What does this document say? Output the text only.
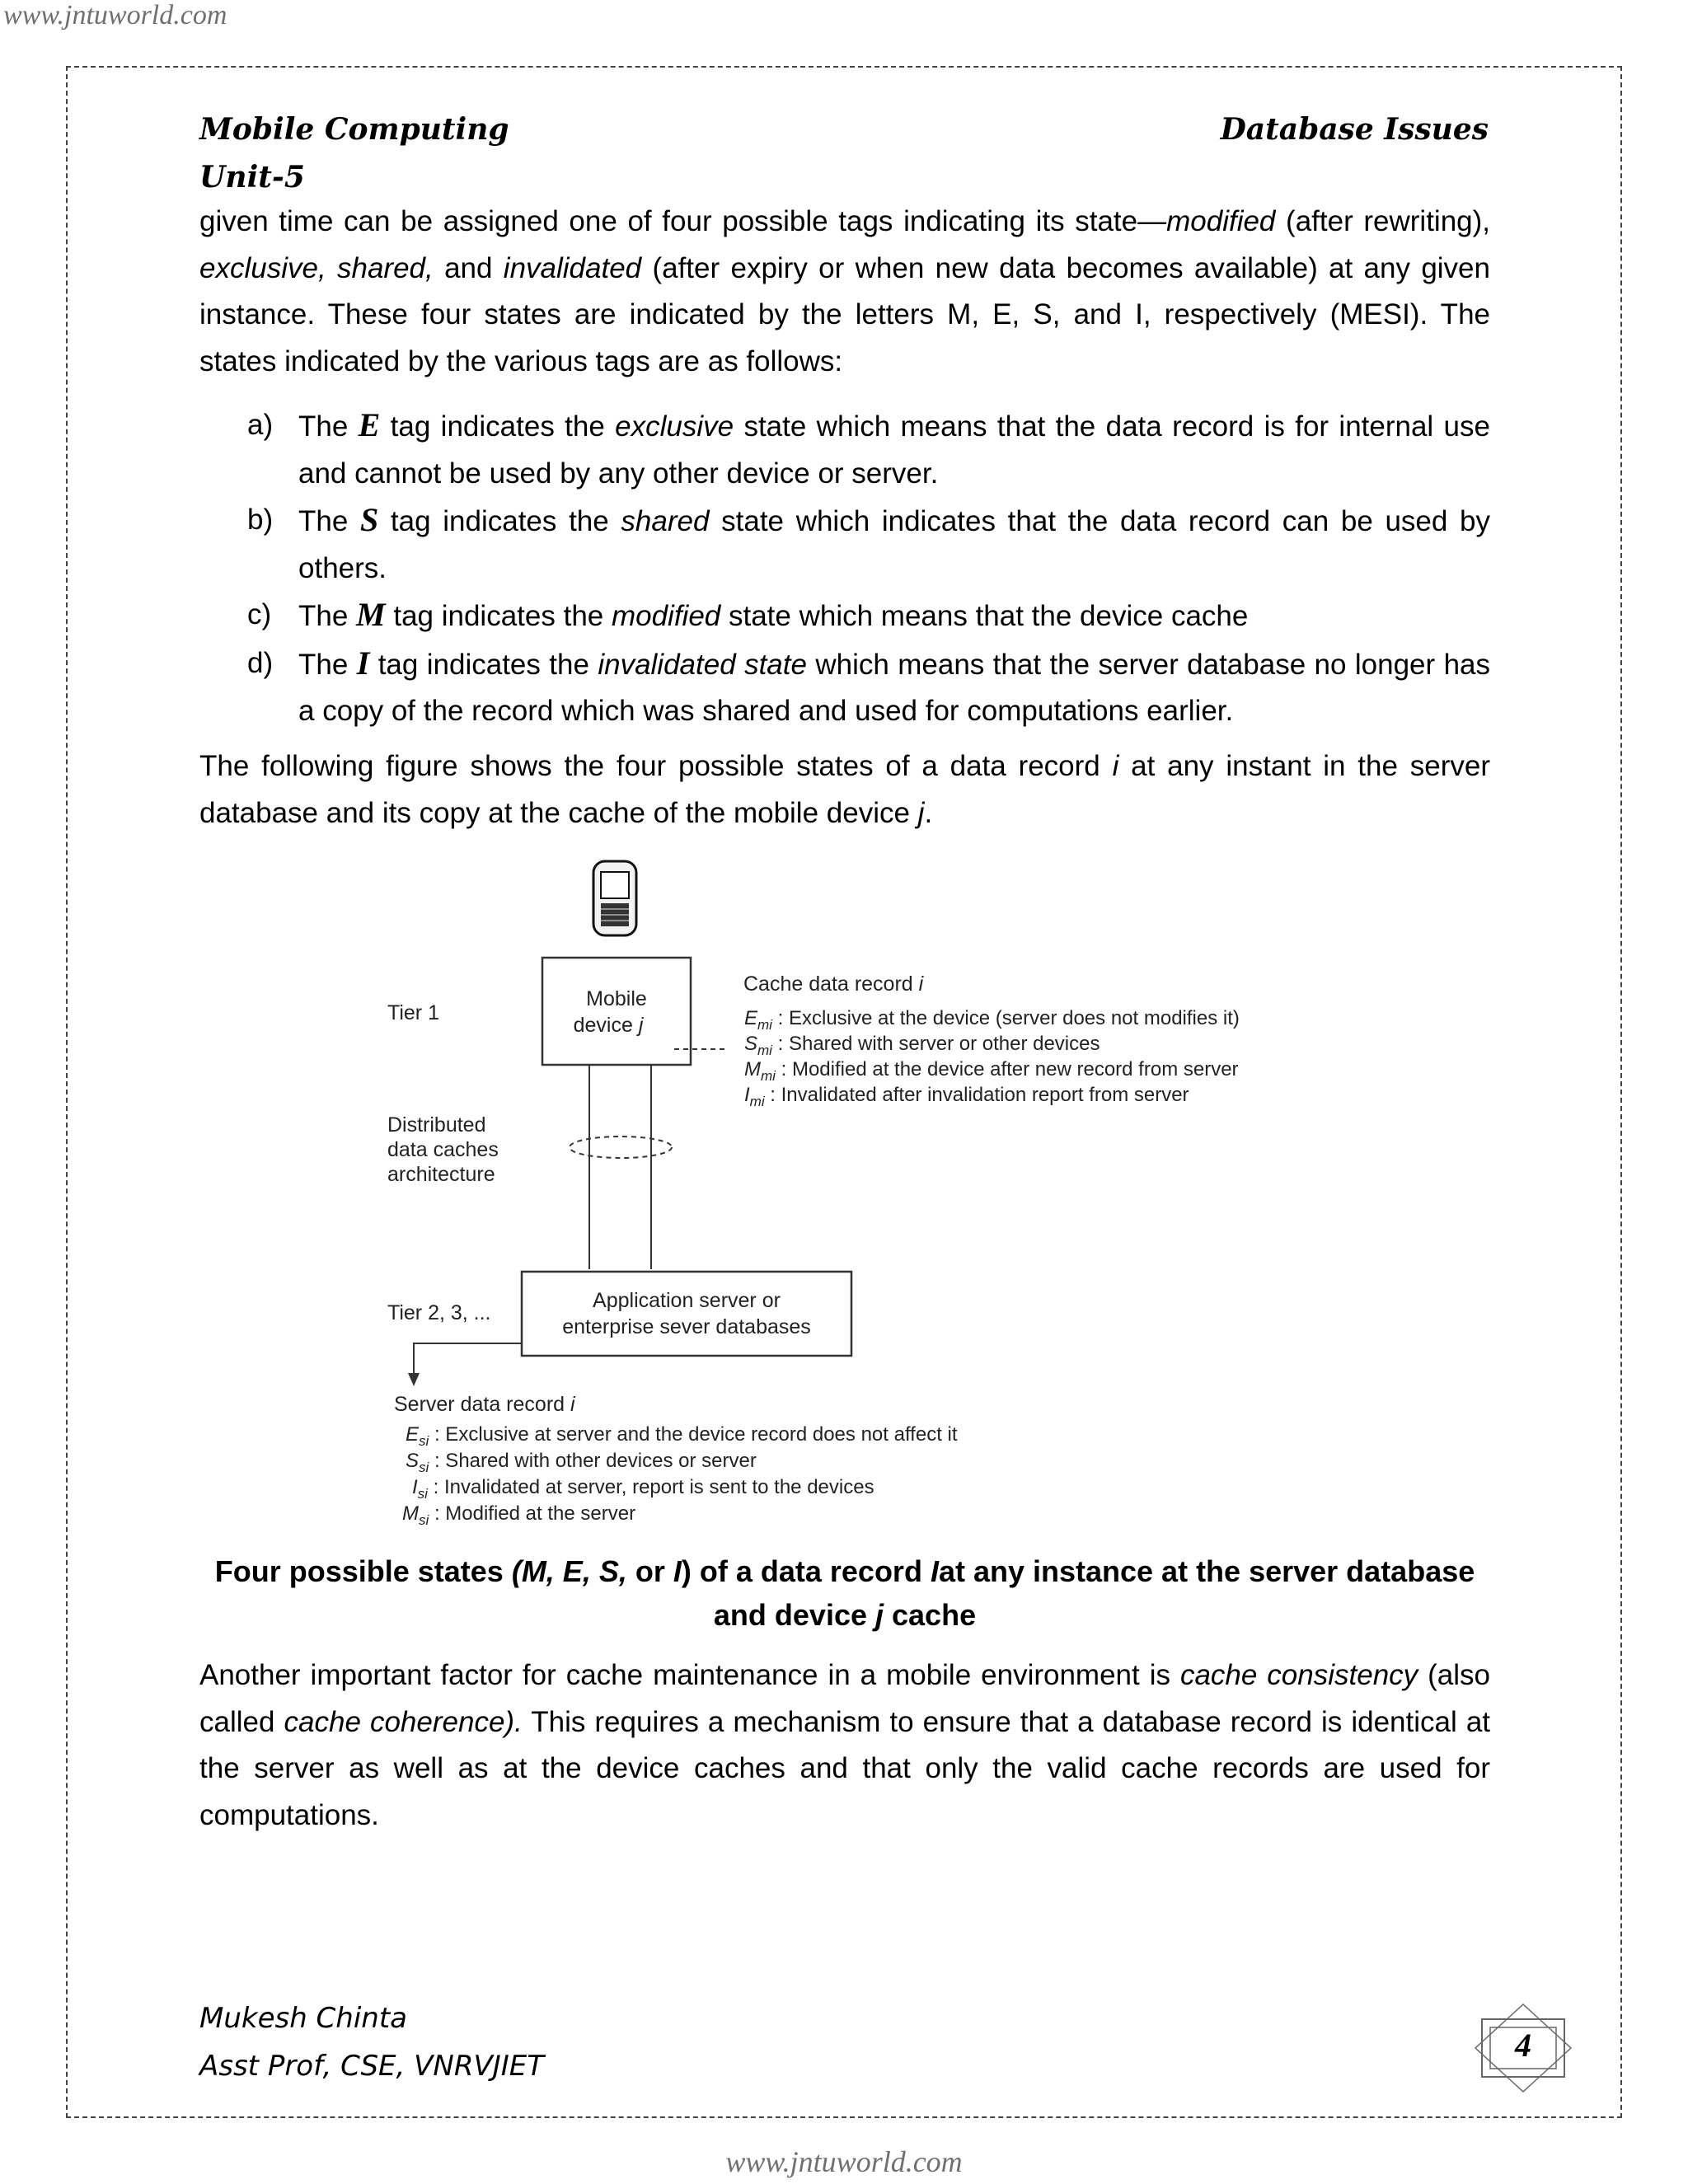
www.jntuworld.com
Mobile Computing
Unit-5
Database Issues
given time can be assigned one of four possible tags indicating its state—modified (after rewriting), exclusive, shared, and invalidated (after expiry or when new data becomes available) at any given instance. These four states are indicated by the letters M, E, S, and I, respectively (MESI). The states indicated by the various tags are as follows:
a) The E tag indicates the exclusive state which means that the data record is for internal use and cannot be used by any other device or server.
b) The S tag indicates the shared state which indicates that the data record can be used by others.
c) The M tag indicates the modified state which means that the device cache
d) The I tag indicates the invalidated state which means that the server database no longer has a copy of the record which was shared and used for computations earlier.
The following figure shows the four possible states of a data record i at any instant in the server database and its copy at the cache of the mobile device j.
Mobile
device j
Application server or
enterprise sever databases
Tier 1
Distributed
data caches
architecture
Tier 2, 3, ...
Cache data record i
$E_{mi}$ : Exclusive at the device (server does not modifies it)
$S_{mi}$ : Shared with server or other devices
$M_{mi}$ : Modified at the device after new record from server
$I_{mi}$ : Invalidated after invalidation report from server
Server data record i
$E_{si}$ : Exclusive at server and the device record does not affect it
$S_{si}$ : Shared with other devices or server
$I_{si}$ : Invalidated at server, report is sent to the devices
$M_{si}$ : Modified at the server
Four possible states (M, E, S, or I) of a data record Iat any instance at the server database and device j cache
Another important factor for cache maintenance in a mobile environment is cache consistency (also called cache coherence). This requires a mechanism to ensure that a database record is identical at the server as well as at the device caches and that only the valid cache records are used for computations.
Mukesh Chinta
Asst Prof, CSE, VNRVJIET
4
www.jntuworld.com
